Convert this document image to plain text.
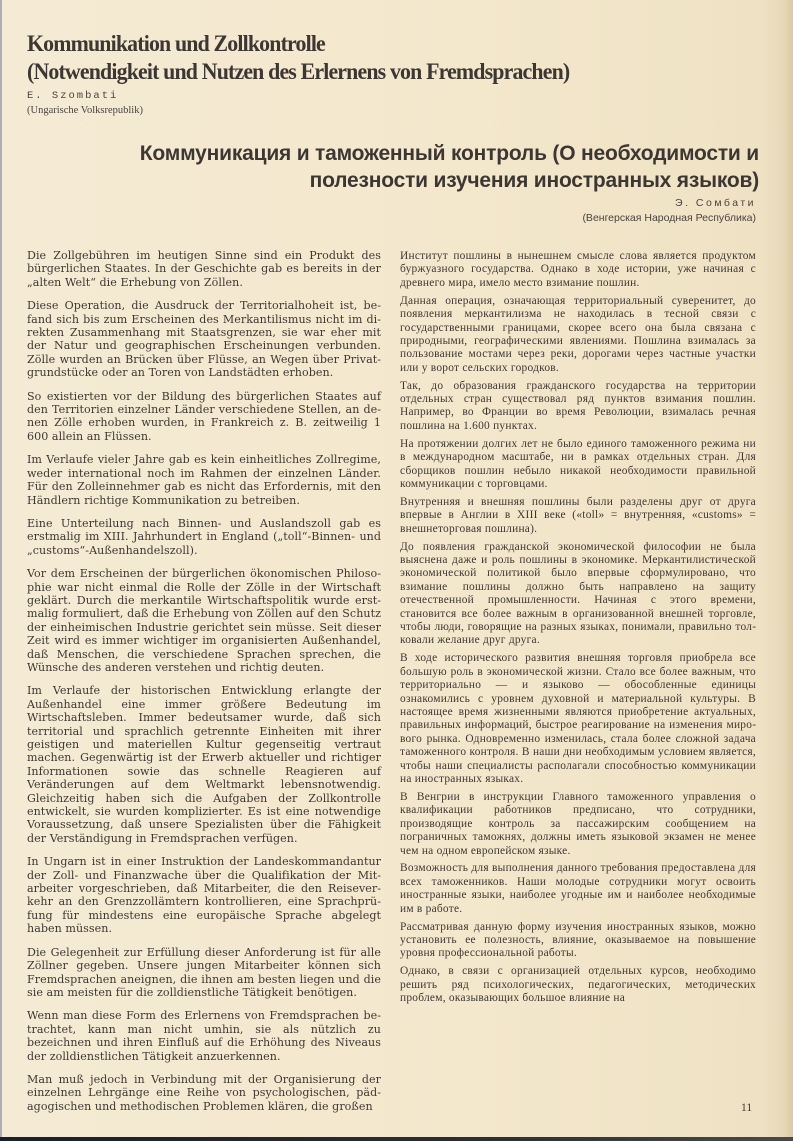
Kommunikation und Zollkontrolle
(Notwendigkeit und Nutzen des Erlernens von Fremdsprachen)
E. Szombati
(Ungarische Volksrepublik)
Коммуникация и таможенный контроль (О необходимости и
полезности изучения иностранных языков)
Э. Сомбати
(Венгерская Народная Республика)

Die Zollgebühren im heutigen Sinne sind ein Produkt des bürgerlichen Staates. In der Geschichte gab es bereits in der „alten Welt“ die Erhebung von Zöllen.

Diese Operation, die Ausdruck der Territorialhoheit ist, befand sich bis zum Erscheinen des Merkantilismus nicht im direkten Zusammenhang mit Staatsgrenzen, sie war eher mit der Natur und geographischen Erscheinungen verbunden. Zölle wurden an Brücken über Flüsse, an Wegen über Privatgrundstücke oder an Toren von Landstädten erhoben.

So existierten vor der Bildung des bürgerlichen Staates auf den Territorien einzelner Länder verschiedene Stellen, an denen Zölle erhoben wurden, in Frankreich z. B. zeitweilig 1 600 allein an Flüssen.

Im Verlaufe vieler Jahre gab es kein einheitliches Zollregime, weder international noch im Rahmen der einzelnen Länder. Für den Zolleinnehmer gab es nicht das Erfordernis, mit den Händlern richtige Kommunikation zu betreiben.

Eine Unterteilung nach Binnen- und Auslandszoll gab es erstmalig im XIII. Jahrhundert in England („toll“-Binnen- und „customs“-Außenhandelszoll).

Vor dem Erscheinen der bürgerlichen ökonomischen Philosophie war nicht einmal die Rolle der Zölle in der Wirtschaft geklärt. Durch die merkantile Wirtschaftspolitik wurde erstmalig formuliert, daß die Erhebung von Zöllen auf den Schutz der einheimischen Industrie gerichtet sein müsse. Seit dieser Zeit wird es immer wichtiger im organisierten Außenhandel, daß Menschen, die verschiedene Sprachen sprechen, die Wünsche des anderen verstehen und richtig deuten.

Im Verlaufe der historischen Entwicklung erlangte der Außenhandel eine immer größere Bedeutung im Wirtschaftsleben. Immer bedeutsamer wurde, daß sich territorial und sprachlich getrennte Einheiten mit ihrer geistigen und materiellen Kultur gegenseitig vertraut machen. Gegenwärtig ist der Erwerb aktueller und richtiger Informationen sowie das schnelle Reagieren auf Veränderungen auf dem Weltmarkt lebensnotwendig. Gleichzeitig haben sich die Aufgaben der Zollkontrolle entwickelt, sie wurden komplizierter. Es ist eine notwendige Voraussetzung, daß unsere Spezialisten über die Fähigkeit der Verständigung in Fremdsprachen verfügen.

In Ungarn ist in einer Instruktion der Landeskommandantur der Zoll- und Finanzwache über die Qualifikation der Mitarbeiter vorgeschrieben, daß Mitarbeiter, die den Reiseverkehr an den Grenzzollämtern kontrollieren, eine Sprachprüfung für mindestens eine europäische Sprache abgelegt haben müssen.

Die Gelegenheit zur Erfüllung dieser Anforderung ist für alle Zöllner gegeben. Unsere jungen Mitarbeiter können sich Fremdsprachen aneignen, die ihnen am besten liegen und die sie am meisten für die zolldienstliche Tätigkeit benötigen.

Wenn man diese Form des Erlernens von Fremdsprachen betrachtet, kann man nicht umhin, sie als nützlich zu bezeichnen und ihren Einfluß auf die Erhöhung des Niveaus der zolldienstlichen Tätigkeit anzuerkennen.

Man muß jedoch in Verbindung mit der Organisierung der einzelnen Lehrgänge eine Reihe von psychologischen, pädagogischen und methodischen Problemen klären, die großen

Институт пошлины в нынешнем смысле слова является продуктом буржуазного государства. Однако в ходе истории, уже начиная с древнего мира, имело место взимание пошлин.

Данная операция, означающая территориальный суверенитет, до появления меркантилизма не находилась в тесной связи с государственными границами, скорее всего она была связана с природными, географическими явлениями. Пошлина взималась за пользование мостами через реки, дорогами через частные участки или у ворот сельских городков.

Так, до образования гражданского государства на территории отдельных стран существовал ряд пунктов взимания пошлин. Например, во Франции во время Революции, взималась речная пошлина на 1.600 пунктах.

На протяжении долгих лет не было единого таможенного режима ни в международном масштабе, ни в рамках отдельных стран. Для сборщиков пошлин небыло никакой необходимости правильной коммуникации с торговцами.

Внутренняя и внешняя пошлины были разделены друг от друга впервые в Англии в XIII веке («toll» = внутренняя, «customs» = внешнеторговая пошлина).

До появления гражданской экономической философии не была выяснена даже и роль пошлины в экономике. Меркантилистической экономической политикой было впервые сформулировано, что взимание пошлины должно быть направлено на защиту отечественной промышленности. Начиная с этого времени, становится все более важным в организованной внешней торговле, чтобы люди, говорящие на разных языках, понимали, правильно толковали желание друг друга.

В ходе исторического развития внешняя торговля приобрела все большую роль в экономической жизни. Стало все более важным, что территориально — и языково — обособленные единицы ознакомились с уровнем духовной и материальной культуры. В настоящее время жизненными являются приобретение актуальных, правильных информаций, быстрое реагирование на изменения мирового рынка. Одновременно изменилась, стала более сложной задача таможенного контроля. В наши дни необходимым условием является, чтобы наши специалисты располагали способностью коммуникации на иностранных языках.

В Венгрии в инструкции Главного таможенного управления о квалификации работников предписано, что сотрудники, производящие контроль за пассажирским сообщением на пограничных таможнях, должны иметь языковой экзамен не менее чем на одном европейском языке.

Возможность для выполнения данного требования предоставлена для всех таможенников. Наши молодые сотрудники могут освоить иностранные языки, наиболее угодные им и наиболее необходимые им в работе.

Рассматривая данную форму изучения иностранных языков, можно установить ее полезность, влияние, оказываемое на повышение уровня профессиональной работы.

Однако, в связи с организацией отдельных курсов, необходимо решить ряд психологических, педагогических, методических проблем, оказывающих большое влияние на

11
